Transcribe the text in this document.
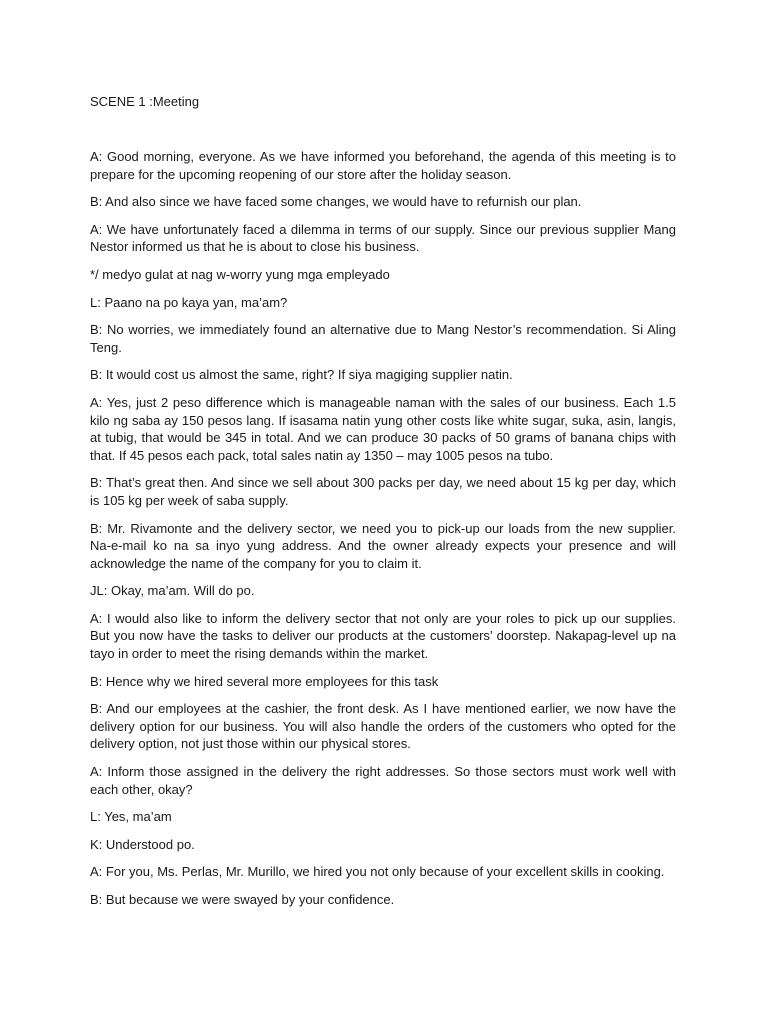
SCENE 1 :Meeting

A: Good morning, everyone. As we have informed you beforehand, the agenda of this meeting is to prepare for the upcoming reopening of our store after the holiday season.

B: And also since we have faced some changes, we would have to refurnish our plan.

A: We have unfortunately faced a dilemma in terms of our supply. Since our previous supplier Mang Nestor informed us that he is about to close his business.

*/ medyo gulat at nag w-worry yung mga empleyado

L: Paano na po kaya yan, ma’am?

B: No worries, we immediately found an alternative due to Mang Nestor’s recommendation. Si Aling Teng.

B: It would cost us almost the same, right? If siya magiging supplier natin.

A: Yes, just 2 peso difference which is manageable naman with the sales of our business. Each 1.5 kilo ng saba ay 150 pesos lang. If isasama natin yung other costs like white sugar, suka, asin, langis, at tubig, that would be 345 in total. And we can produce 30 packs of 50 grams of banana chips with that. If 45 pesos each pack, total sales natin ay 1350 – may 1005 pesos na tubo.

B: That’s great then. And since we sell about 300 packs per day, we need about 15 kg per day, which is 105 kg per week of saba supply.

B: Mr. Rivamonte and the delivery sector, we need you to pick-up our loads from the new supplier. Na-e-mail ko na sa inyo yung address. And the owner already expects your presence and will acknowledge the name of the company for you to claim it.

JL: Okay, ma’am. Will do po.

A: I would also like to inform the delivery sector that not only are your roles to pick up our supplies. But you now have the tasks to deliver our products at the customers’ doorstep. Nakapag-level up na tayo in order to meet the rising demands within the market.

B: Hence why we hired several more employees for this task

B: And our employees at the cashier, the front desk. As I have mentioned earlier, we now have the delivery option for our business. You will also handle the orders of the customers who opted for the delivery option, not just those within our physical stores.

A: Inform those assigned in the delivery the right addresses. So those sectors must work well with each other, okay?

L: Yes, ma’am

K: Understood po.

A: For you, Ms. Perlas, Mr. Murillo, we hired you not only because of your excellent skills in cooking.

B: But because we were swayed by your confidence.
